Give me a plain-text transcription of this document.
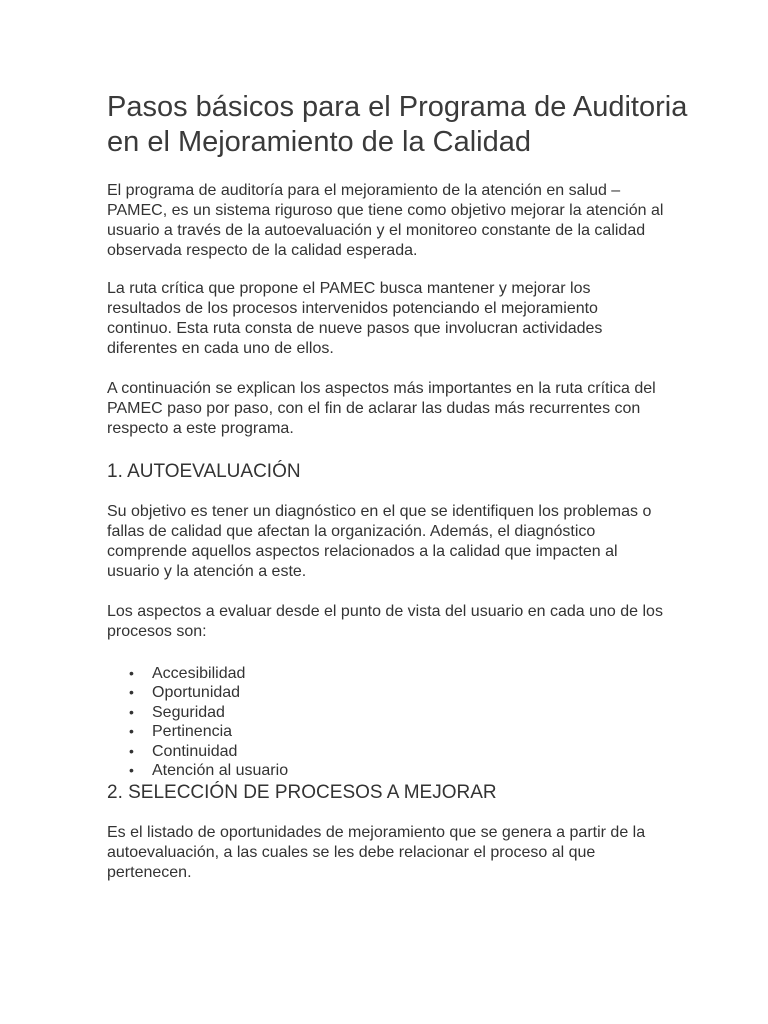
Pasos básicos para el Programa de Auditoria en el Mejoramiento de la Calidad

El programa de auditoría para el mejoramiento de la atención en salud – PAMEC, es un sistema riguroso que tiene como objetivo mejorar la atención al usuario a través de la autoevaluación y el monitoreo constante de la calidad observada respecto de la calidad esperada.

La ruta crítica que propone el PAMEC busca mantener y mejorar los resultados de los procesos intervenidos potenciando el mejoramiento continuo. Esta ruta consta de nueve pasos que involucran actividades diferentes en cada uno de ellos.

A continuación se explican los aspectos más importantes en la ruta crítica del PAMEC paso por paso, con el fin de aclarar las dudas más recurrentes con respecto a este programa.

1. AUTOEVALUACIÓN

Su objetivo es tener un diagnóstico en el que se identifiquen los problemas o fallas de calidad que afectan la organización. Además, el diagnóstico comprende aquellos aspectos relacionados a la calidad que impacten al usuario y la atención a este.

Los aspectos a evaluar desde el punto de vista del usuario en cada uno de los procesos son:

• Accesibilidad
• Oportunidad
• Seguridad
• Pertinencia
• Continuidad
• Atención al usuario
2. SELECCIÓN DE PROCESOS A MEJORAR

Es el listado de oportunidades de mejoramiento que se genera a partir de la autoevaluación, a las cuales se les debe relacionar el proceso al que pertenecen.
